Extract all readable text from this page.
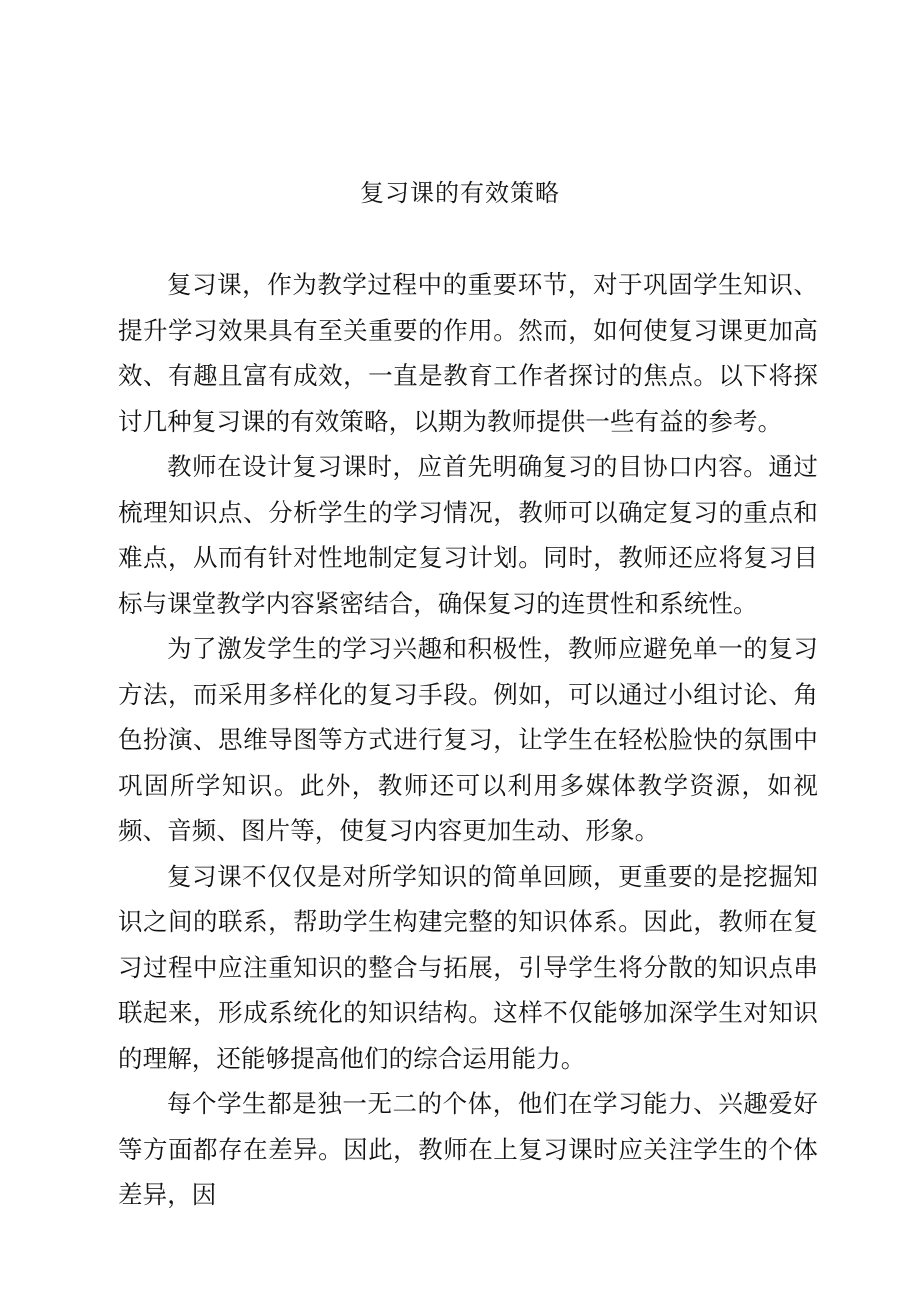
复习课的有效策略

复习课，作为教学过程中的重要环节，对于巩固学生知识、提升学习效果具有至关重要的作用。然而，如何使复习课更加高效、有趣且富有成效，一直是教育工作者探讨的焦点。以下将探讨几种复习课的有效策略，以期为教师提供一些有益的参考。

教师在设计复习课时，应首先明确复习的目协口内容。通过梳理知识点、分析学生的学习情况，教师可以确定复习的重点和难点，从而有针对性地制定复习计划。同时，教师还应将复习目标与课堂教学内容紧密结合，确保复习的连贯性和系统性。

为了激发学生的学习兴趣和积极性，教师应避免单一的复习方法，而采用多样化的复习手段。例如，可以通过小组讨论、角色扮演、思维导图等方式进行复习，让学生在轻松脸快的氛围中巩固所学知识。此外，教师还可以利用多媒体教学资源，如视频、音频、图片等，使复习内容更加生动、形象。

复习课不仅仅是对所学知识的简单回顾，更重要的是挖掘知识之间的联系，帮助学生构建完整的知识体系。因此，教师在复习过程中应注重知识的整合与拓展，引导学生将分散的知识点串联起来，形成系统化的知识结构。这样不仅能够加深学生对知识的理解，还能够提高他们的综合运用能力。

每个学生都是独一无二的个体，他们在学习能力、兴趣爱好等方面都存在差异。因此，教师在上复习课时应关注学生的个体差异，因
